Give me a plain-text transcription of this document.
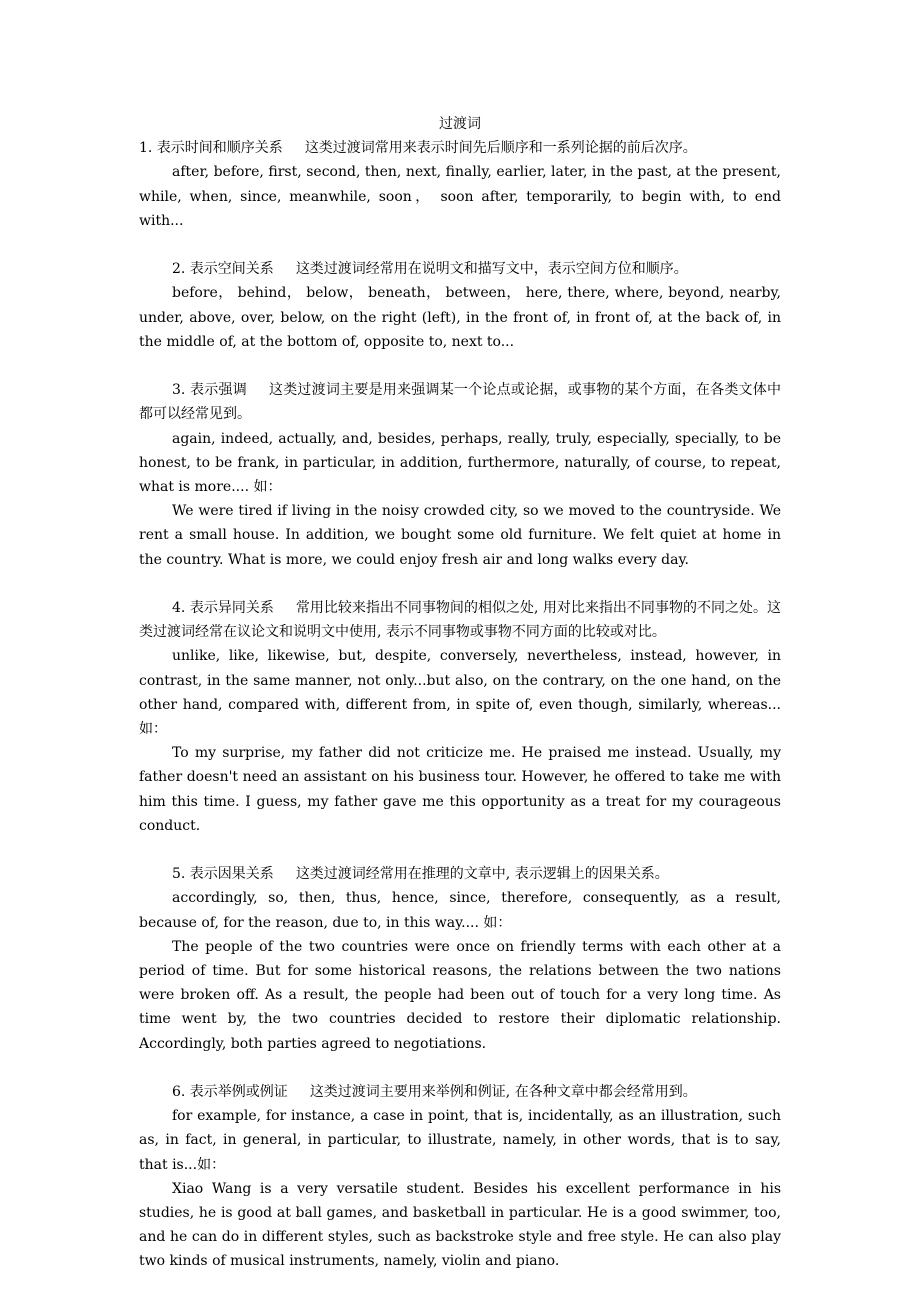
过渡词

1. 表示时间和顺序关系 这类过渡词常用来表示时间先后顺序和一系列论据的前后次序。

after, before, first, second, then, next, finally, earlier, later, in the past, at the present, while, when, since, meanwhile, soon， soon after, temporarily, to begin with, to end with...

2. 表示空间关系 这类过渡词经常用在说明文和描写文中，表示空间方位和顺序。

before， behind， below， beneath， between， here, there, where, beyond, nearby, under, above, over, below, on the right (left), in the front of, in front of, at the back of, in the middle of, at the bottom of, opposite to, next to...

3. 表示强调 这类过渡词主要是用来强调某一个论点或论据，或事物的某个方面，在各类文体中都可以经常见到。

again, indeed, actually, and, besides, perhaps, really, truly, especially, specially, to be honest, to be frank, in particular, in addition, furthermore, naturally, of course, to repeat, what is more.... 如：

We were tired if living in the noisy crowded city, so we moved to the countryside. We rent a small house. In addition, we bought some old furniture. We felt quiet at home in the country. What is more, we could enjoy fresh air and long walks every day.

4. 表示异同关系 常用比较来指出不同事物间的相似之处, 用对比来指出不同事物的不同之处。这类过渡词经常在议论文和说明文中使用, 表示不同事物或事物不同方面的比较或对比。

unlike, like, likewise, but, despite, conversely, nevertheless, instead, however, in contrast, in the same manner, not only...but also, on the contrary, on the one hand, on the other hand, compared with, different from, in spite of, even though, similarly, whereas...如：

To my surprise, my father did not criticize me. He praised me instead. Usually, my father doesn't need an assistant on his business tour. However, he offered to take me with him this time. I guess, my father gave me this opportunity as a treat for my courageous conduct.

5. 表示因果关系 这类过渡词经常用在推理的文章中, 表示逻辑上的因果关系。

accordingly, so, then, thus, hence, since, therefore, consequently, as a result, because of, for the reason, due to, in this way.... 如：

The people of the two countries were once on friendly terms with each other at a period of time. But for some historical reasons, the relations between the two nations were broken off. As a result, the people had been out of touch for a very long time. As time went by, the two countries decided to restore their diplomatic relationship. Accordingly, both parties agreed to negotiations.

6. 表示举例或例证 这类过渡词主要用来举例和例证, 在各种文章中都会经常用到。

for example, for instance, a case in point, that is, incidentally, as an illustration, such as, in fact, in general, in particular, to illustrate, namely, in other words, that is to say, that is...如：

Xiao Wang is a very versatile student. Besides his excellent performance in his studies, he is good at ball games, and basketball in particular. He is a good swimmer, too, and he can do in different styles, such as backstroke style and free style. He can also play two kinds of musical instruments, namely, violin and piano.
